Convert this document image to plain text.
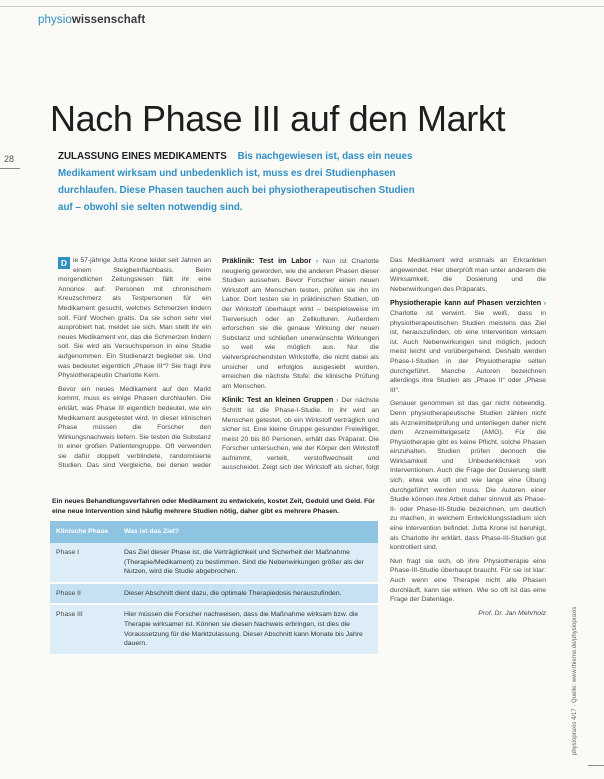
physiowissenschaft
28
Nach Phase III auf den Markt
ZULASSUNG EINES MEDIKAMENTS Bis nachgewiesen ist, dass ein neues Medikament wirksam und unbedenklich ist, muss es drei Studienphasen durchlaufen. Diese Phasen tauchen auch bei physiotherapeutischen Studien auf – obwohl sie selten notwendig sind.

D ie 57-jährige Jutta Krone leidet seit Jahren an einem Steigbeinflachbasis. Beim morgendlichen Zeitungslesen fällt ihr eine Annonce auf: Personen mit chronischem Kreuzschmerz als Testpersonen für ein Medikament gesucht, welches Schmerzen lindern soll. Fünf Wochen gratis. Da sie schon sehr viel ausprobiert hat, meldet sie sich. Man stellt ihr ein neues Medikament vor, das die Schmerzen lindern soll. Sie wird als Versuchsperson in eine Studie aufgenommen. Ein Studienarzt begleitet sie. Und was bedeutet eigentlich „Phase III“? Sie fragt ihre Physiotherapeutin Charlotte Kern.

Bevor ein neues Medikament auf den Markt kommt, muss es einige Phasen durchlaufen. Die erklärt, was Phase III eigentlich bedeutet, wie ein Medikament ausgetestet wird. In dieser klinischen Phase müssen die Forscher den Wirkungsnachweis liefern. Sie testen die Substanz in einer großen Patientengruppe. Oft verwenden sie dafür doppelt verblindete, randomisierte Studien. Das sind Vergleiche, bei denen weder

Präklinik: Test im Labor › Nun ist Charlotte neugierig geworden, wie die anderen Phasen dieser Studien aussehen. Bevor Forscher einen neuen Wirkstoff am Menschen testen, prüfen sie ihn im Labor. Dort testen sie in präklinischen Studien, ob der Wirkstoff überhaupt wirkt – beispielsweise im Tierversuch oder an Zellkulturen. Außerdem erforschen sie die genaue Wirkung der neuen Substanz und schließen unerwünschte Wirkungen so weit wie möglich aus. Nur die vielversprechendsten Wirkstoffe, die nicht dabei als unsicher und erfolglos ausgesiebt wurden, erreichen die nächste Stufe: die klinische Prüfung am Menschen.

Klinik: Test an kleinen Gruppen › Der nächste Schritt ist die Phase-I-Studie. In ihr wird an Menschen getestet, ob ein Wirkstoff verträglich und sicher ist. Eine kleine Gruppe gesunder Freiwilliger, meist 20 bis 80 Personen, erhält das Präparat. Die Forscher untersuchen, wie der Körper den Wirkstoff aufnimmt, verteilt, verstoffwechselt und ausscheidet. Zeigt sich der Wirkstoff als sicher, folgt

Das Medikament wird erstmals an Erkrankten angewendet. Hier überprüft man unter anderem die Wirksamkeit, die Dosierung und die Nebenwirkungen des Präparats.

Physiotherapie kann auf Phasen verzichten › Charlotte ist verwirrt. Sie weiß, dass in physiotherapeutischen Studien meistens das Ziel ist, herauszufinden, ob eine Intervention wirksam ist. Auch Nebenwirkungen sind möglich, jedoch meist leicht und vorübergehend. Deshalb werden Phase-I-Studien in der Physiotherapie selten durchgeführt. Manche Autoren bezeichnen allerdings ihre Studien als „Phase II“ oder „Phase III“.

Genauer genommen ist das gar nicht notwendig. Denn physiotherapeutische Studien zählen nicht als Arzneimittelprüfung und unterliegen daher nicht dem Arzneimittelgesetz (AMG). Für die Physiotherapie gibt es keine Pflicht, solche Phasen einzuhalten. Studien prüfen dennoch die Wirksamkeit und Unbedenklichkeit von Interventionen. Auch die Frage der Dosierung stellt sich, etwa wie oft und wie lange eine Übung durchgeführt werden muss. Die Autoren einer Studie können ihre Arbeit daher sinnvoll als Phase-II- oder Phase-III-Studie bezeichnen, um deutlich zu machen, in welchem Entwicklungsstadium sich eine Intervention befindet. Jutta Krone ist beruhigt, als Charlotte ihr erklärt, dass Phase-III-Studien gut kontrolliert sind.

Nun fragt sie sich, ob ihre Physiotherapie eine Phase-III-Studie überhaupt braucht. Für sie ist klar: Auch wenn eine Therapie nicht alle Phasen durchläuft, kann sie wirken. Wie so oft ist das eine Frage der Datenlage.

Prof. Dr. Jan Mehrholz

Ein neues Behandlungsverfahren oder Medikament zu entwickeln, kostet Zeit, Geduld und Geld. Für eine neue Intervention sind häufig mehrere Studien nötig, daher gibt es mehrere Phasen.
Klinische Phase	Was ist das Ziel?
Phase I	Das Ziel dieser Phase ist, die Verträglichkeit und Sicherheit der Maßnahme (Therapie/Medikament) zu bestimmen. Sind die Nebenwirkungen größer als der Nutzen, wird die Studie abgebrochen.
Phase II	Dieser Abschnitt dient dazu, die optimale Therapiedosis herauszufinden.
Phase III	Hier müssen die Forscher nachweisen, dass die Maßnahme wirksam bzw. die Therapie wirksamer ist. Können sie diesen Nachweis erbringen, ist dies die Voraussetzung für die Marktzulassung. Dieser Abschnitt kann Monate bis Jahre dauern.	physiopraxis 4/17 · Quelle: www.thieme.de/physiopraxis
